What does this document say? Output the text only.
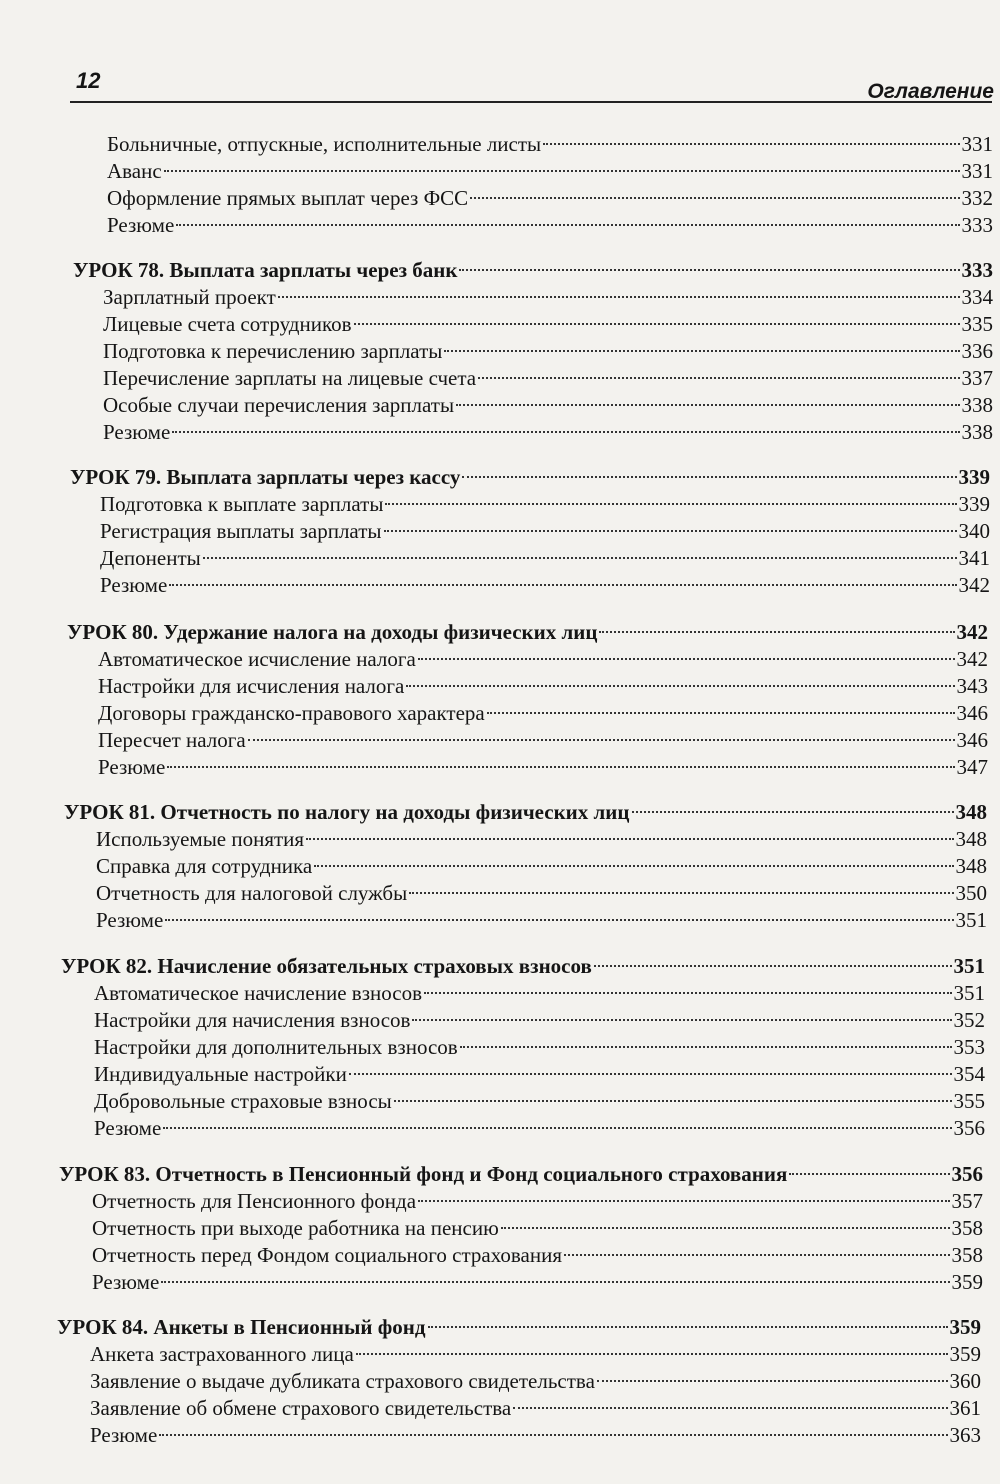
12	Оглавление
Больничные, отпускные, исполнительные листы	331
Аванс	331
Оформление прямых выплат через ФСС	332
Резюме	333
УРОК 78. Выплата зарплаты через банк	333
Зарплатный проект	334
Лицевые счета сотрудников	335
Подготовка к перечислению зарплаты	336
Перечисление зарплаты на лицевые счета	337
Особые случаи перечисления зарплаты	338
Резюме	338
УРОК 79. Выплата зарплаты через кассу	339
Подготовка к выплате зарплаты	339
Регистрация выплаты зарплаты	340
Депоненты	341
Резюме	342
УРОК 80. Удержание налога на доходы физических лиц	342
Автоматическое исчисление налога	342
Настройки для исчисления налога	343
Договоры гражданско-правового характера	346
Пересчет налога	346
Резюме	347
УРОК 81. Отчетность по налогу на доходы физических лиц	348
Используемые понятия	348
Справка для сотрудника	348
Отчетность для налоговой службы	350
Резюме	351
УРОК 82. Начисление обязательных страховых взносов	351
Автоматическое начисление взносов	351
Настройки для начисления взносов	352
Настройки для дополнительных взносов	353
Индивидуальные настройки	354
Добровольные страховые взносы	355
Резюме	356
УРОК 83. Отчетность в Пенсионный фонд и Фонд социального страхования	356
Отчетность для Пенсионного фонда	357
Отчетность при выходе работника на пенсию	358
Отчетность перед Фондом социального страхования	358
Резюме	359
УРОК 84. Анкеты в Пенсионный фонд	359
Анкета застрахованного лица	359
Заявление о выдаче дубликата страхового свидетельства	360
Заявление об обмене страхового свидетельства	361
Резюме	363
